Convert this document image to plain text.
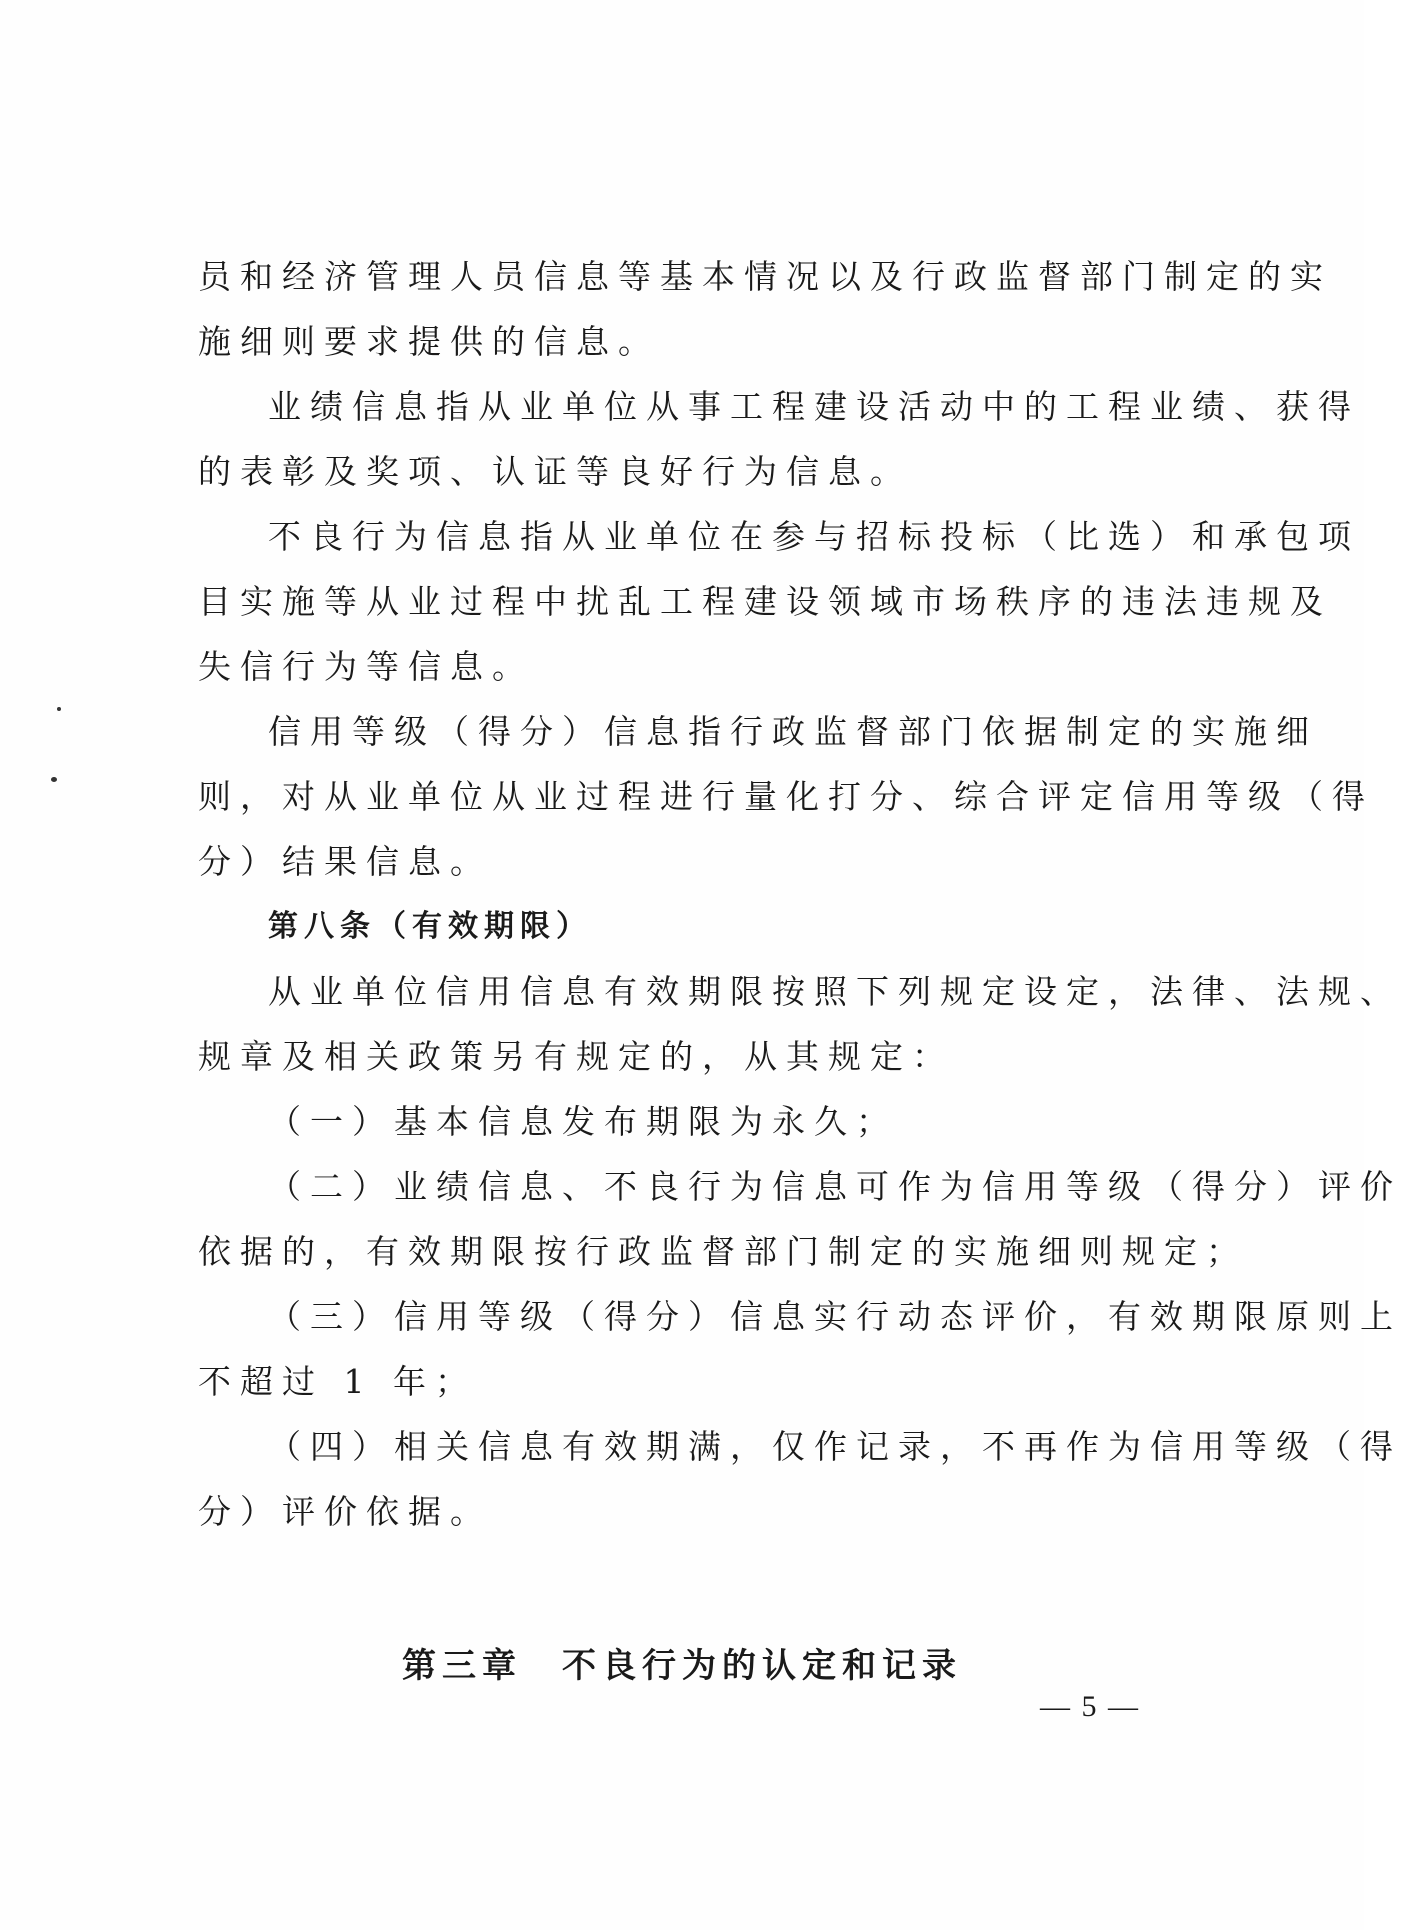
员和经济管理人员信息等基本情况以及行政监督部门制定的实
施细则要求提供的信息。
业绩信息指从业单位从事工程建设活动中的工程业绩、获得
的表彰及奖项、认证等良好行为信息。
不良行为信息指从业单位在参与招标投标（比选）和承包项
目实施等从业过程中扰乱工程建设领域市场秩序的违法违规及
失信行为等信息。
信用等级（得分）信息指行政监督部门依据制定的实施细
则，对从业单位从业过程进行量化打分、综合评定信用等级（得
分）结果信息。
第八条（有效期限）
从业单位信用信息有效期限按照下列规定设定，法律、法规、
规章及相关政策另有规定的，从其规定：
（一）基本信息发布期限为永久；
（二）业绩信息、不良行为信息可作为信用等级（得分）评价
依据的，有效期限按行政监督部门制定的实施细则规定；
（三）信用等级（得分）信息实行动态评价，有效期限原则上
不超过 1 年；
（四）相关信息有效期满，仅作记录，不再作为信用等级（得
分）评价依据。
第三章　不良行为的认定和记录
— 5 —
